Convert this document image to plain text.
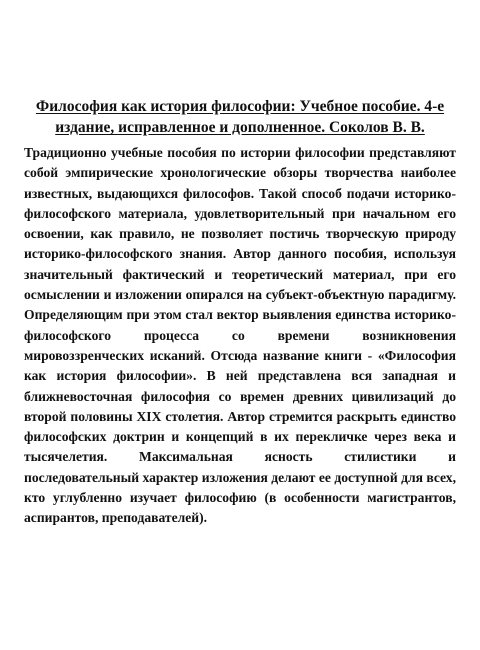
Философия как история философии: Учебное пособие. 4-е издание, исправленное и дополненное. Соколов В. В.

Традиционно учебные пособия по истории философии представляют собой эмпирические хронологические обзоры творчества наиболее известных, выдающихся философов. Такой способ подачи историко-философского материала, удовлетворительный при начальном его освоении, как правило, не позволяет постичь творческую природу историко-философского знания. Автор данного пособия, используя значительный фактический и теоретический материал, при его осмыслении и изложении опирался на субъект-объектную парадигму. Определяющим при этом стал вектор выявления единства историко-философского процесса со времени возникновения мировоззренческих исканий. Отсюда название книги - «Философия как история философии». В ней представлена вся западная и ближневосточная философия со времен древних цивилизаций до второй половины XIX столетия. Автор стремится раскрыть единство философских доктрин и концепций в их перекличке через века и тысячелетия. Максимальная ясность стилистики и последовательный характер изложения делают ее доступной для всех, кто углубленно изучает философию (в особенности магистрантов, аспирантов, преподавателей).
